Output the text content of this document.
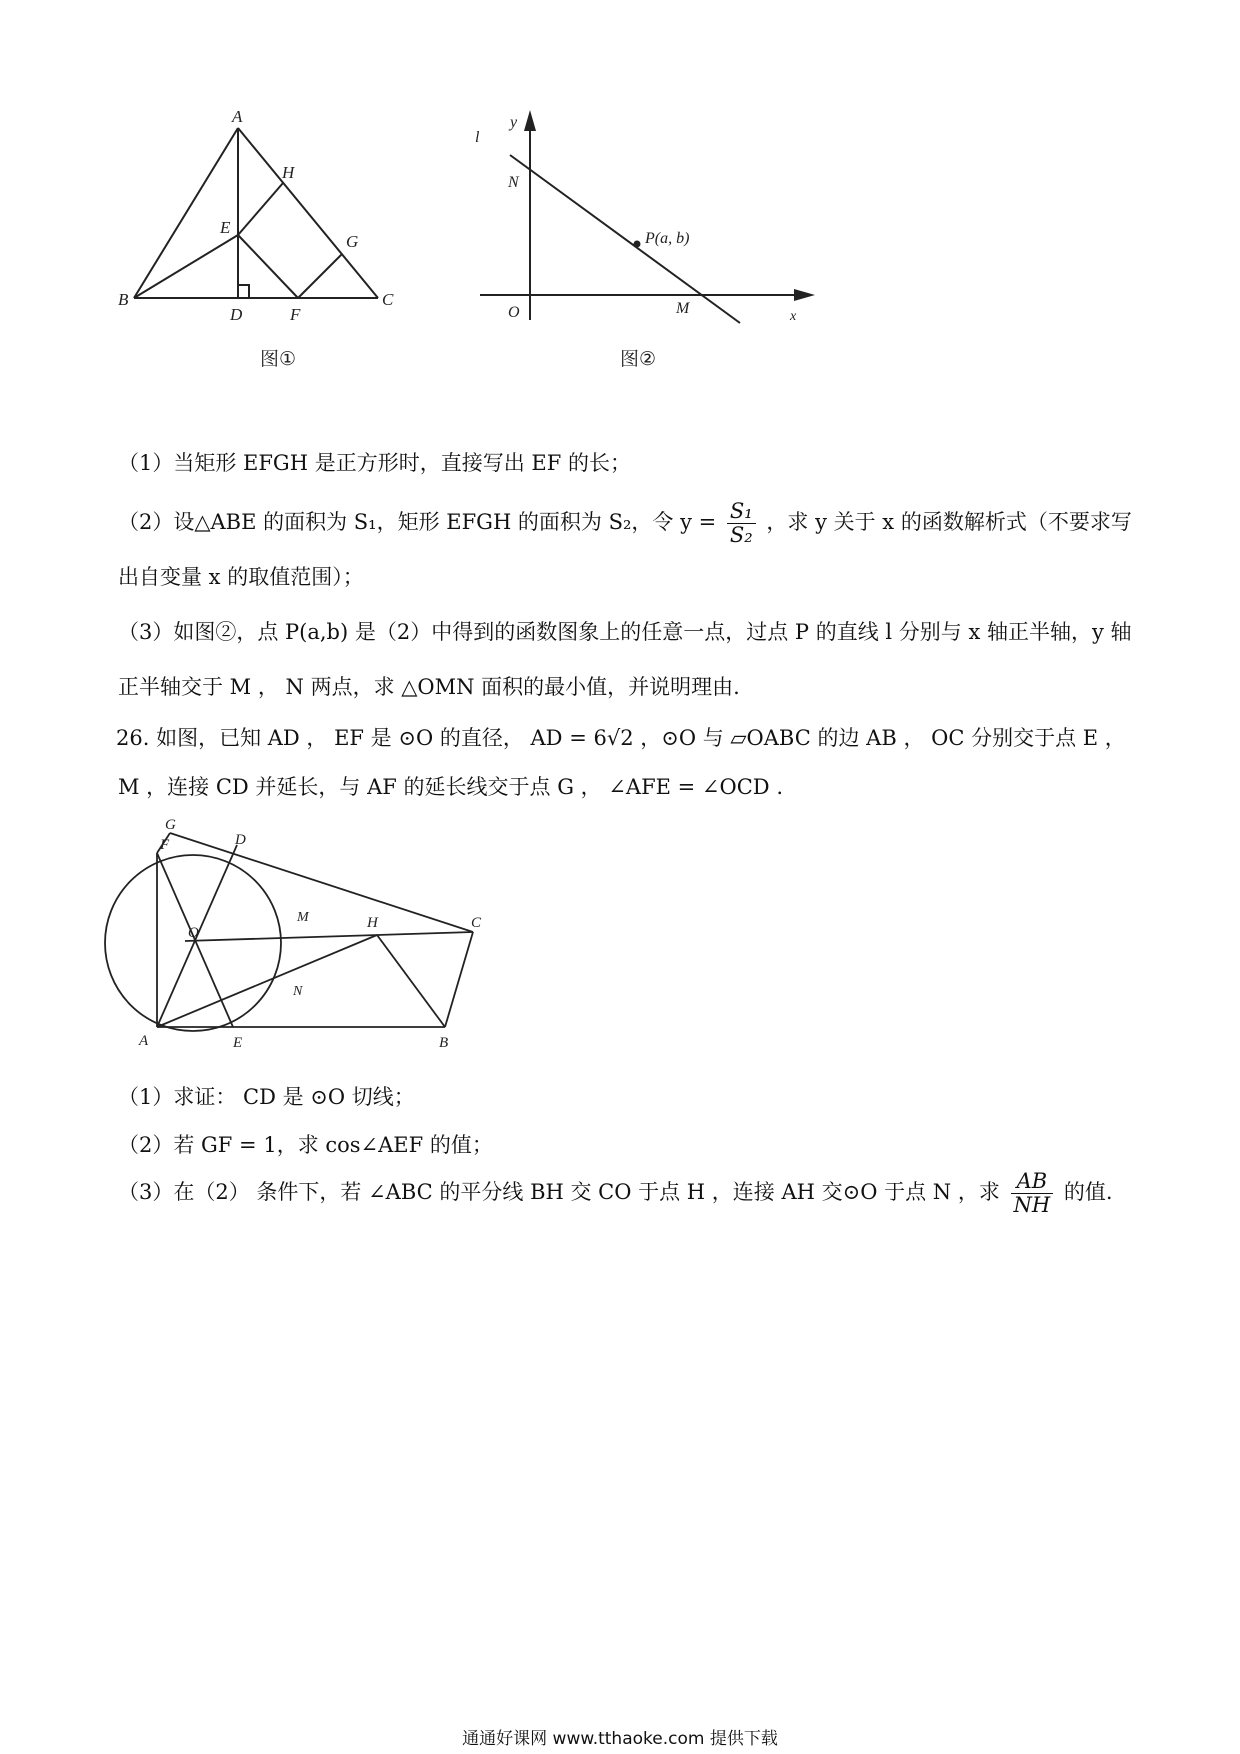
A
B	C
D
E
F
G
H
图①
y
x
l
N
O	M
P(a, b)
图②
（1）当矩形 EFGH 是正方形时，直接写出 EF 的长；
（2）设△ABE 的面积为 S₁，矩形 EFGH 的面积为 S₂，令 $y = \frac{\text{S₁}}{\text{S₂}}$ ，求 y 关于 x 的函数解析式（不要求写
出自变量 x 的取值范围）；
（3）如图②，点 P(a,b) 是（2）中得到的函数图象上的任意一点，过点 P 的直线 l 分别与 x 轴正半轴，y 轴
正半轴交于 M ， N 两点，求 △OMN 面积的最小值，并说明理由.
26. 如图，已知 AD ， EF 是 ⊙O 的直径， AD = 6√2 ，⊙O 与 ▱OABC 的边 AB ， OC 分别交于点 E ，
M ，连接 CD 并延长，与 AF 的延长线交于点 G ， ∠AFE = ∠OCD .
G
F	D
O
M	H	C
N
A	E	B
（1）求证： CD 是 ⊙O 切线；
（2）若 GF = 1，求 cos∠AEF 的值；
（3）在（2） 条件下，若 ∠ABC 的平分线 BH 交 CO 于点 H ，连接 AH 交⊙O 于点 N ，求 $\frac{AB}{NH}$ 的值.
通通好课网 www.tthaoke.com 提供下载
